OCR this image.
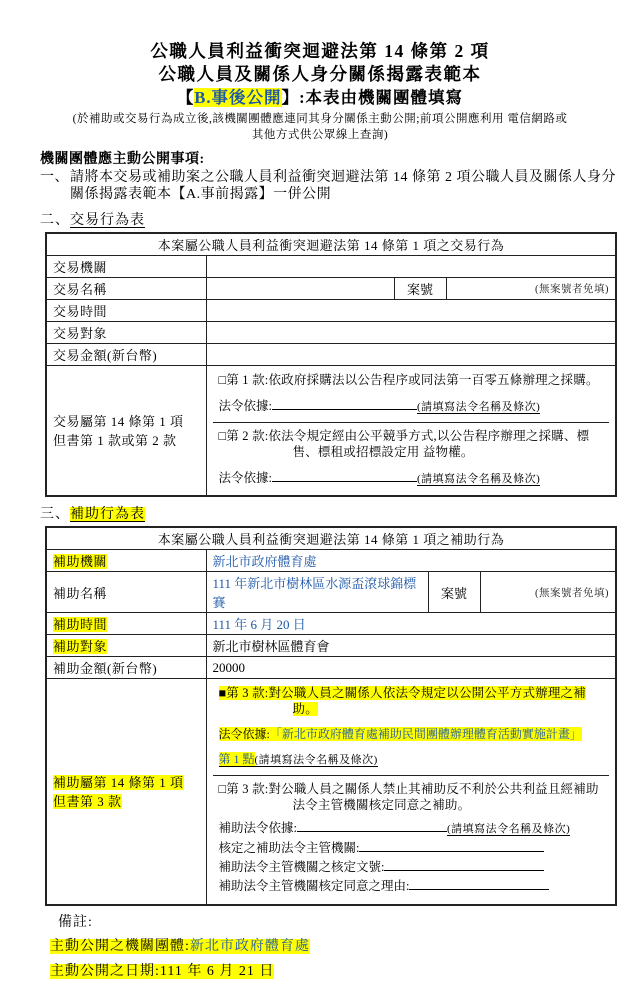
公職人員利益衝突迴避法第 14 條第 2 項
公職人員及關係人身分關係揭露表範本
【B.事後公開】:本表由機關團體填寫
(於補助或交易行為成立後,該機關團體應連同其身分關係主動公開;前項公開應利用 電信網路或
其他方式供公眾線上查詢)
機關團體應主動公開事項:
一、 請將本交易或補助案之公職人員利益衝突迴避法第 14 條第 2 項公職人員及關係人身分關係揭露表範本【A.事前揭露】一併公開
二、交易行為表
本案屬公職人員利益衝突迴避法第 14 條第 1 項之交易行為			
交易機關			
交易名稱		案號	(無案號者免填)
交易時間			
交易對象			
交易金額(新台幣)			

交易屬第 14 條第 1 項
但書第 1 款或第 2 款

□第 1 款:依政府採購法以公告程序或同法第一百零五條辦理之採購。
法令依據:	(請填寫法令名稱及條次)
□第 2 款:依法令規定經由公平競爭方式,以公告程序辦理之採購、標售、標租或招標設定用 益物權。
法令依據:	(請填寫法令名稱及條次)
三、補助行為表
本案屬公職人員利益衝突迴避法第 14 條第 1 項之補助行為			
補助機關	新北市政府體育處		
補助名稱	111 年新北市樹林區水源盃滾球錦標賽	案號	(無案號者免填)
補助時間	111 年 6 月 20 日		
補助對象	新北市樹林區體育會		
補助金額(新台幣)	20000		

補助屬第 14 條第 1 項
但書第 3 款

■第 3 款:對公職人員之關係人依法令規定以公開公平方式辦理之補助。
法令依據:「新北市政府體育處補助民間團體辦理體育活動實施計畫」
第 1 點(請填寫法令名稱及條次)
□第 3 款:對公職人員之關係人禁止其補助反不利於公共利益且經補助法令主管機關核定同意之補助。
補助法令依據:	(請填寫法令名稱及條次)
核定之補助法令主管機關:
補助法令主管機關之核定文號:
補助法令主管機關核定同意之理由:
備註:
主動公開之機關團體:新北市政府體育處
主動公開之日期:111 年 6 月 21 日
